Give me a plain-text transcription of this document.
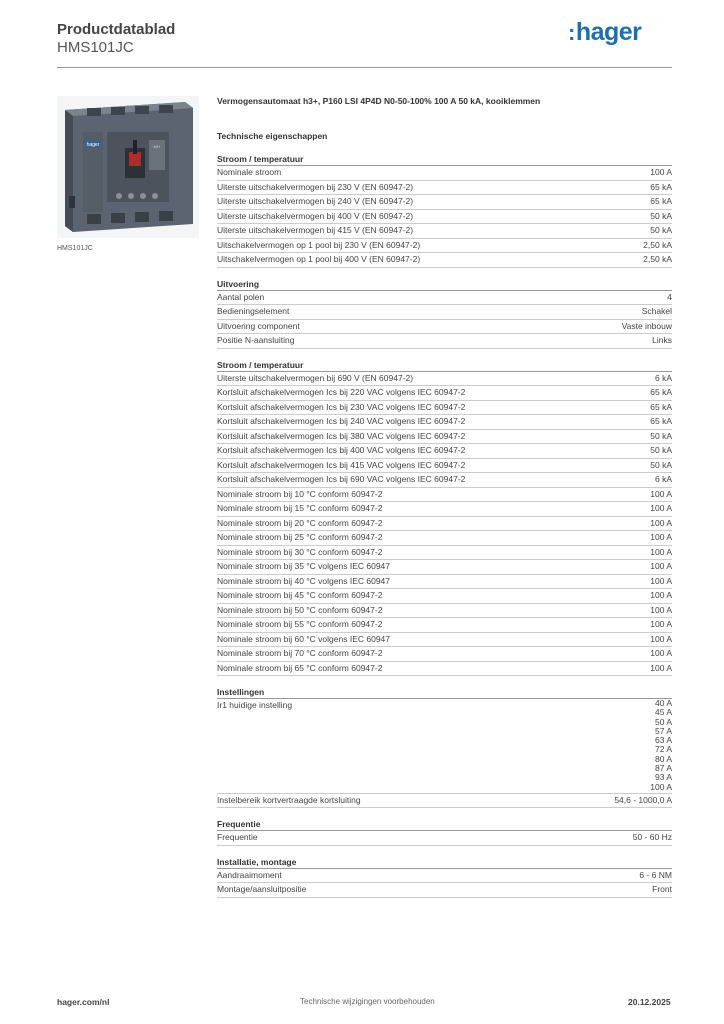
Productdatablad
HMS101JC
:hager
hager	h3+
HMS101JC
Vermogensautomaat h3+, P160 LSI 4P4D N0-50-100% 100 A 50 kA, kooiklemmen
Technische eigenschappen
Stroom / temperatuur
Nominale stroom	100 A
Uiterste uitschakelvermogen bij 230 V (EN 60947-2)	65 kA
Uiterste uitschakelvermogen bij 240 V (EN 60947-2)	65 kA
Uiterste uitschakelvermogen bij 400 V (EN 60947-2)	50 kA
Uiterste uitschakelvermogen bij 415 V (EN 60947-2)	50 kA
Uitschakelvermogen op 1 pool bij 230 V (EN 60947-2)	2,50 kA
Uitschakelvermogen op 1 pool bij 400 V (EN 60947-2)	2,50 kA
Uitvoering
Aantal polen	4
Bedieningselement	Schakel
Uitvoering component	Vaste inbouw
Positie N-aansluiting	Links
Stroom / temperatuur
Uiterste uitschakelvermogen bij 690 V (EN 60947-2)	6 kA
Kortsluit afschakelvermogen Ics bij 220 VAC volgens IEC 60947-2	65 kA
Kortsluit afschakelvermogen Ics bij 230 VAC volgens IEC 60947-2	65 kA
Kortsluit afschakelvermogen Ics bij 240 VAC volgens IEC 60947-2	65 kA
Kortsluit afschakelvermogen Ics bij 380 VAC volgens IEC 60947-2	50 kA
Kortsluit afschakelvermogen Ics bij 400 VAC volgens IEC 60947-2	50 kA
Kortsluit afschakelvermogen Ics bij 415 VAC volgens IEC 60947-2	50 kA
Kortsluit afschakelvermogen Ics bij 690 VAC volgens IEC 60947-2	6 kA
Nominale stroom bij 10 °C conform 60947-2	100 A
Nominale stroom bij 15 °C conform 60947-2	100 A
Nominale stroom bij 20 °C conform 60947-2	100 A
Nominale stroom bij 25 °C conform 60947-2	100 A
Nominale stroom bij 30 °C conform 60947-2	100 A
Nominale stroom bij 35 °C volgens IEC 60947	100 A
Nominale stroom bij 40 °C volgens IEC 60947	100 A
Nominale stroom bij 45 °C conform 60947-2	100 A
Nominale stroom bij 50 °C conform 60947-2	100 A
Nominale stroom bij 55 °C conform 60947-2	100 A
Nominale stroom bij 60 °C volgens IEC 60947	100 A
Nominale stroom bij 70 °C conform 60947-2	100 A
Nominale stroom bij 65 °C conform 60947-2	100 A
Instellingen
Ir1 huidige instelling	40 A
45 A
50 A
57 A
63 A
72 A
80 A
87 A
93 A
100 A
Instelbereik kortvertraagde kortsluiting	54,6 - 1000,0 A
Frequentie
Frequentie	50 - 60 Hz
Installatie, montage
Aandraaimoment	6 - 6 NM
Montage/aansluitpositie	Front
hager.com/nl	Technische wijzigingen voorbehouden	20.12.2025
